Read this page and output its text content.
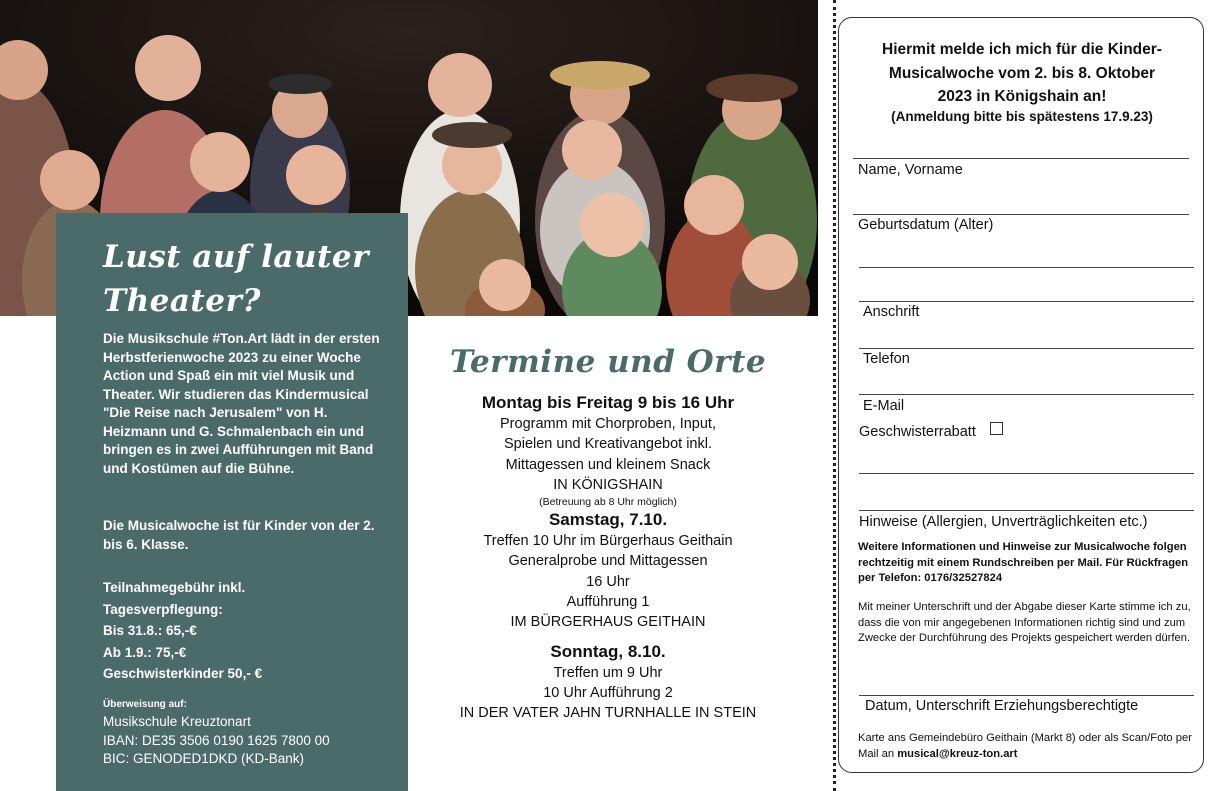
Lust auf lauter Theater?
Die Musikschule #Ton.Art lädt in der ersten Herbstferienwoche 2023 zu einer Woche Action und Spaß ein mit viel Musik und Theater. Wir studieren das Kindermusical "Die Reise nach Jerusalem" von H. Heizmann und G. Schmalenbach ein und bringen es in zwei Aufführungen mit Band und Kostümen auf die Bühne.
Die Musicalwoche ist für Kinder von der 2. bis 6. Klasse.
Teilnahmegebühr inkl. Tagesverpflegung:
Bis 31.8.: 65,-€
Ab 1.9.: 75,-€
Geschwisterkinder 50,- €
Überweisung auf:
Musikschule Kreuztonart
IBAN: DE35 3506 0190 1625 7800 00
BIC: GENODED1DKD (KD-Bank)
Termine und Orte
Montag bis Freitag 9 bis 16 Uhr
Programm mit Chorproben, Input,
Spielen und Kreativangebot inkl.
Mittagessen und kleinem Snack
IN KÖNIGSHAIN
(Betreuung ab 8 Uhr möglich)
Samstag, 7.10.
Treffen 10 Uhr im Bürgerhaus Geithain
Generalprobe und Mittagessen
16 Uhr
Aufführung 1
IM BÜRGERHAUS GEITHAIN
Sonntag, 8.10.
Treffen um 9 Uhr
10 Uhr Aufführung 2
IN DER VATER JAHN TURNHALLE IN STEIN
Hiermit melde ich mich für die Kinder-
Musicalwoche vom 2. bis 8. Oktober
2023 in Königshain an!
(Anmeldung bitte bis spätestens 17.9.23)
Name, Vorname
Geburtsdatum (Alter)
Anschrift
Telefon
E-Mail
Geschwisterrabatt
Hinweise (Allergien, Unverträglichkeiten etc.)
Weitere Informationen und Hinweise zur Musicalwoche folgen rechtzeitig mit einem Rundschreiben per Mail. Für Rückfragen per Telefon: 0176/32527824
Mit meiner Unterschrift und der Abgabe dieser Karte stimme ich zu, dass die von mir angegebenen Informationen richtig sind und zum Zwecke der Durchführung des Projekts gespeichert werden dürfen.
Datum, Unterschrift Erziehungsberechtigte
Karte ans Gemeindebüro Geithain (Markt 8) oder als Scan/Foto per Mail an musical@kreuz-ton.art
